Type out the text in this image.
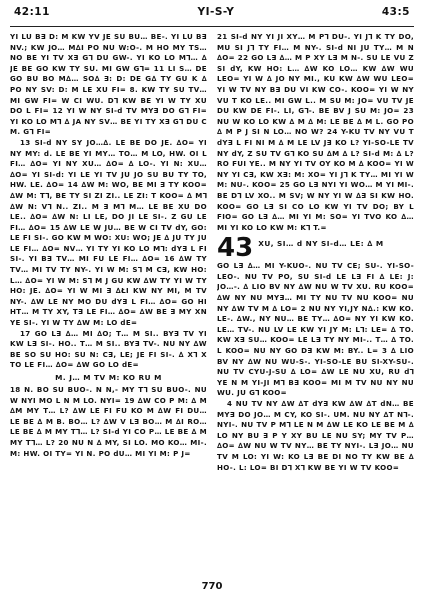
42:11	YI-S-Y	43:5

YI LU B∃ D: M KW YV JE SU BU… BE-. YI LU B∃ NV.; KW JO… M∆I PO NU W:O-. M HO MY TS… NO BE YI TV X∃ G⅂ DU GW-. YI KO LO M⅂… ∆ JE BE GO KW TY SU. MI GW G⅂= 11 LI S… DE GO BU BO M∆… SO∆ ∃: D: DE G∆ TY GU K ∆ PO NY SV: D: M LE XU FI= 8. KW TY SU TV… MI GW FI= W CI WU. D⅂ KW BE YI W TY XU DO L FI= 12 YI W NY SI-d TV MY∃ DO G⅂ FI= YI KO LO M⅂ ∆ JA NY SV… BE YI TY X∃ G⅂ DU C M. G⅂ FI=

13 SI-d NY SY JO…∆. LE BE DO JE. ∆O= YI NY MY: d. LE BE YI MY… TO… M LO, HW. OI L FI… ∆O= YI NY XU… ∆O= ∆ LO-. YI N: XU… ∆O= YI SI-d: YI LE YI TV JU JO SU BU TY TO, HW. LE. ∆O= 14 ∆W M: WO, BE MI ∃ TY KOO= ∆W M: T⅂, BE TY SI ZI ZI.. LE ZI: T KOO= ∆ M⅂ ∆W N: V⅂ N.. ZI.. M ∃ M⅂ M… LE BE XU DO LE.. ∆O= ∆W N: LI LE, DO JI LE SI-. Z GU LE FI… ∆O= 15 ∆W LE W JU… BE W CI TV dY, GO: LE FI SI-. GO KW M WO: XU: WO; JE ∆ JU TY JU LE FI… ∆O= NV… YI TY YI KO LO M⅂: dY∃ L FI SI-. YI B∃ TV… MI FU LE FI… ∆O= 16 ∆W TY TV… MI TV TY NY-. YI W M: S⅂ M C∃, KW HO: L… ∆O= YI W M: S⅂ M J GU KW ∆W TY YI W TY HO: JE. ∆O= YI W MI ∃ ∆ŁI KW NY MI, M TV NY-. ∆W LE NY MO DU dY∃ L FI… ∆O= GO HI HT… M TY XY, T∃ LE FI… ∆O= ∆W BE ∃ MY XN YE SI-. YI W TY ∆W M: LO dE=

17 GO L∃ ∆… MI ∆O; T… M SI.. BY∃ TV YI KW L∃ SI-. HO.. T… M SI.. BY∃ TV-. NU NY ∆W BE SO SU HO: SU N: C∃, LE; JE FI SI-. ∆ X⅂ X TO LE FI… ∆O= ∆W GO LO dE=

M. J… M TV M: KO RU M

18 N. BO SU BUO-. N N,- MY T⅂ SU BUO-. NU W NYI MO L N M LO. NYI= 19 ∆W CO P M: ∆ M ∆M MY T… L? ∆W LE FI FU KO M ∆W FI DU… LE BE ∆ M B. BO… L? ∆W V L∃ BO… M ∆I RO… LE BE ∆ M MY T⅂… L? SI-d YI CO P… LE BE ∆ M MY T⅂… L? 20 NU N ∆ MY, SI LO. MO KO… MI-. M: HW. OI TY= YI N. PO dU… MI YI M: P J=

21 SI-d NY YI JI XY… M P⅂ DU-. YI J⅂ K TY DO, MU SI J⅂ TY FI… M NY-. SI-d NI JU TY… M N ∆O= 22 GO L∃ ∆… M P XY L∃ M N-. SU LE VU Z SI dY, KW HO: L… ∆W KO LO… KW ∆W WU LEO= YI W ∆ JO NY MI., KU KW ∆W WU LEO= YI W TV NY B∃ DU VI KW CO-. KOO= YI W NY VU T KO LE.. MI GW L.. M SU M: JO= VU TV JE DU KW DE FI-. LI, G⅂-. BE BV J SU M: JO= 23 NU W KO LO KW ∆ M ∆ M: LE BE ∆ M L. GO PO ∆ M P J SI N LO… NO W? 24 Y-KU TV NY VU T dY∃ L FI NI M ∆ M LE LV J∃ KO L? YI-SO-LE TV NY dY, Z SU TV G⅂ KO SU ∆M ∆ L? SI-d M: ∆ L? RO FUI YE.. M NY YI TV OY KO M ∆ KOO= YI W NY YI C∃, KW X∃: M: XO= YI J⅂ K TY… MI YI W M: NU-. KOO= 25 GO L∃ NYI YI WO… M YI MI-. BE D⅂ LV XO.. M SV; W NY YI W ∆∃ SI KW HO. KOO= GO L∃ SI CO LO KW YI TV DO; BY L FIO= GO L∃ ∆… MI YI M: SO= YI TVO KO ∆… MI YI KO LO KW M: K⅂ T.=

43 XU, SI… d NY SI-d… LE: ∆ M

GO L∃ ∆… MI Y-KUO-. NU TV CE; SU-. YI-SO-LEO-. NU TV PO, SU SI-d LE L∃ FI ∆ LE: J: JO…-. ∆ LIO BV NY ∆W NU W TV XU. RU KOO= ∆W NY NU MY∃… MI TY NU TV NU KOO= NU NY ∆W TV M ∆ LO= 2 NU NY YI,JY N∆.: KW KO. LE-. ∆W., NY NU… BE TY… ∆O= NY YI KW KO. LE… TV-. NU LV LE KW YI JY M: L⅂: LE= ∆ TO. KW X∃ SU… KOO= LE L∃ TY NY MI-.. T… ∆ TO. L KOO= NU NY GO D∃ KW M: BY.. L= 3 ∆ LIO BV NY ∆W NU WU-S-. YI-SO-LE BU SI-XY-SU-. NU TV CYU-J-SU ∆ LO= ∆W LE NU XU, RU d⅂ YE N M YI-JI M⅂ B∃ KOO= MI M TV NU NY NU WU. JU G⅂ KOO=

4 NU TV NY ∆W ∆T dY∃ KW ∆W ∆T dN… BE MY∃ DO JO… M CY, KO SI-. UM. NU NY ∆T N⅂-. NYI-. NU TV P M⅂ LE N M ∆W LE KO LE BE M ∆ LO NY BU ∃ P Y XY BU LE NU SY; MY TV P… ∆O= ∆W NU W TV NY… BE TY NYI-. L∃ JO… NU TV M LO: YI W: KO L∃ BE DI NO TY KW BE ∆ HO-. L: LO= BI D⅂ X⅂ KW BE YI W TV KOO=

770
